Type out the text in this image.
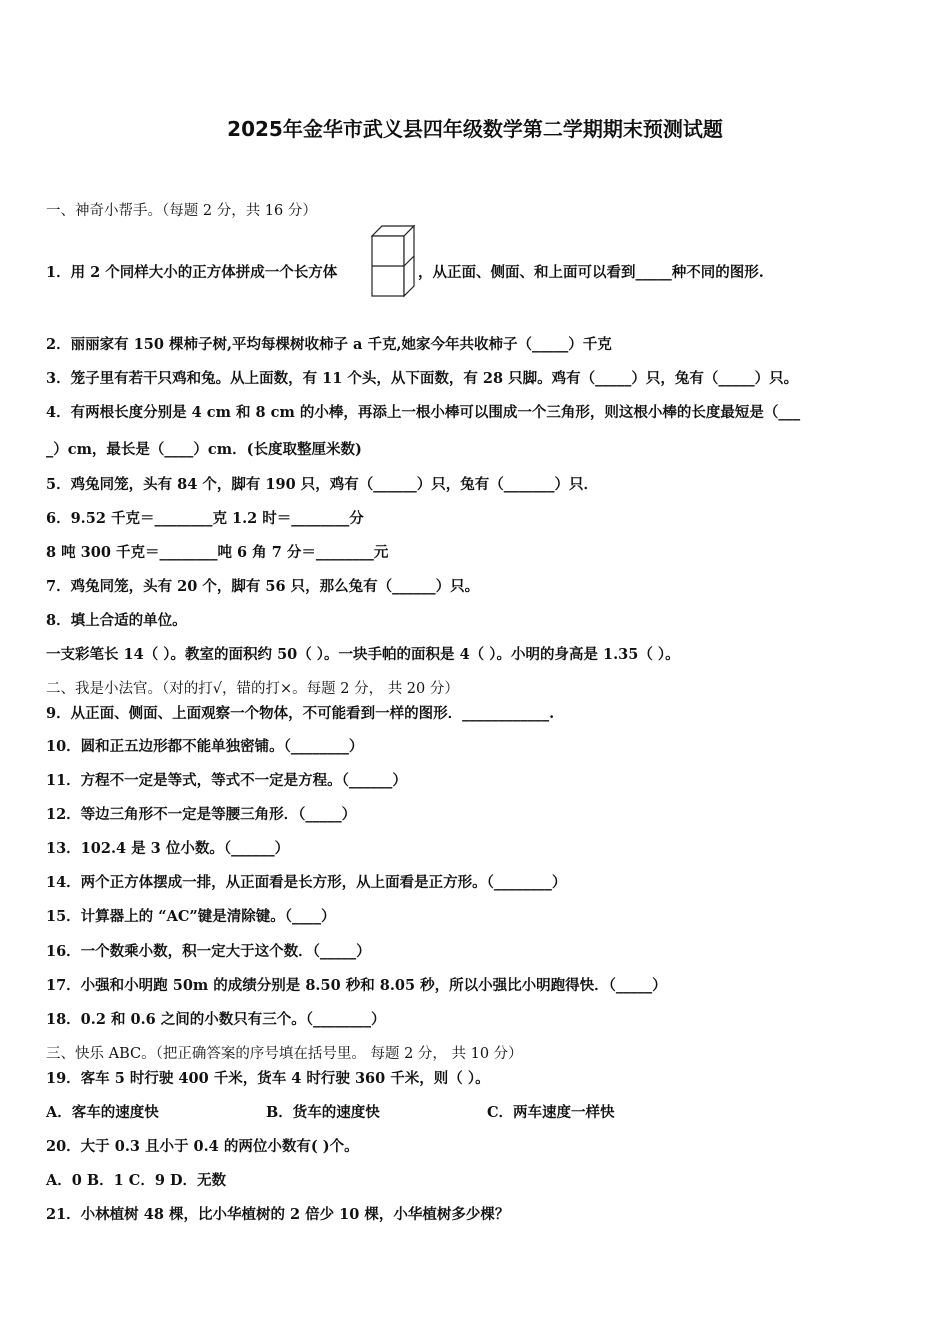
2025年金华市武义县四年级数学第二学期期末预测试题
一、神奇小帮手。（每题 2 分，共 16 分）
1．用 2 个同样大小的正方体拼成一个长方体	，从正面、侧面、和上面可以看到_____种不同的图形.
2．丽丽家有 150 棵柿子树,平均每棵树收柿子 a 千克,她家今年共收柿子（_____）千克
3．笼子里有若干只鸡和兔。从上面数，有 11 个头，从下面数，有 28 只脚。鸡有（_____）只，兔有（_____）只。
4．有两根长度分别是 4 cm 和 8 cm 的小棒，再添上一根小棒可以围成一个三角形，则这根小棒的长度最短是（___
_）cm，最长是（____）cm．(长度取整厘米数)
5．鸡兔同笼，头有 84 个，脚有 190 只，鸡有（______）只，兔有（_______）只．
6．9.52 千克＝________克 1.2 时＝________分
8 吨 300 千克＝________吨 6 角 7 分＝________元
7．鸡兔同笼，头有 20 个，脚有 56 只，那么兔有（______）只。
8．填上合适的单位。
一支彩笔长 14（ ）。教室的面积约 50（ ）。一块手帕的面积是 4（ ）。小明的身高是 1.35（ ）。
二、我是小法官。（对的打√，错的打×。每题 2 分， 共 20 分）
9．从正面、侧面、上面观察一个物体，不可能看到一样的图形．____________.
10．圆和正五边形都不能单独密铺。（________）
11．方程不一定是等式，等式不一定是方程。（______）
12．等边三角形不一定是等腰三角形．（_____）
13．102.4 是 3 位小数。（______）
14．两个正方体摆成一排，从正面看是长方形，从上面看是正方形。（________）
15．计算器上的 “AC”键是清除键。（____）
16．一个数乘小数，积一定大于这个数．（_____）
17．小强和小明跑 50m 的成绩分别是 8.50 秒和 8.05 秒，所以小强比小明跑得快．（_____）
18．0.2 和 0.6 之间的小数只有三个。（________）
三、快乐 ABC。（把正确答案的序号填在括号里。 每题 2 分， 共 10 分）
19．客车 5 时行驶 400 千米，货车 4 时行驶 360 千米，则（ ）。
A．客车的速度快	B．货车的速度快	C．两车速度一样快
20．大于 0.3 且小于 0.4 的两位小数有( )个。
A．0 B．1 C．9 D．无数
21．小林植树 48 棵，比小华植树的 2 倍少 10 棵，小华植树多少棵？
